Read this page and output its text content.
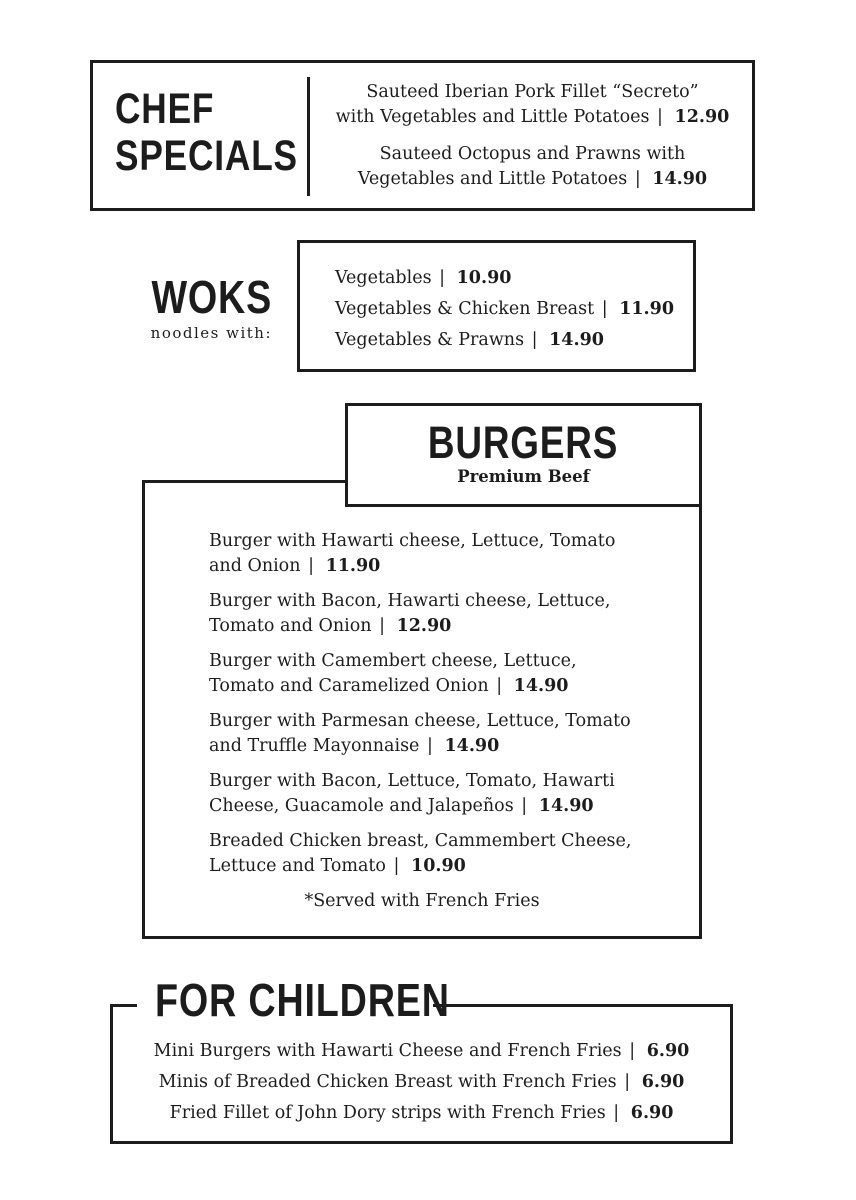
CHEF
SPECIALS
Sauteed Iberian Pork Fillet “Secreto”
with Vegetables and Little Potatoes | 12.90
Sauteed Octopus and Prawns with
Vegetables and Little Potatoes | 14.90
WOKS
noodles with:
Vegetables | 10.90
Vegetables & Chicken Breast | 11.90
Vegetables & Prawns | 14.90
BURGERS
Premium Beef
Burger with Hawarti cheese, Lettuce, Tomato
and Onion | 11.90
Burger with Bacon, Hawarti cheese, Lettuce,
Tomato and Onion | 12.90
Burger with Camembert cheese, Lettuce,
Tomato and Caramelized Onion | 14.90
Burger with Parmesan cheese, Lettuce, Tomato
and Truffle Mayonnaise | 14.90
Burger with Bacon, Lettuce, Tomato, Hawarti
Cheese, Guacamole and Jalapeños | 14.90
Breaded Chicken breast, Cammembert Cheese,
Lettuce and Tomato | 10.90
*Served with French Fries
FOR CHILDREN
Mini Burgers with Hawarti Cheese and French Fries | 6.90
Minis of Breaded Chicken Breast with French Fries | 6.90
Fried Fillet of John Dory strips with French Fries | 6.90
